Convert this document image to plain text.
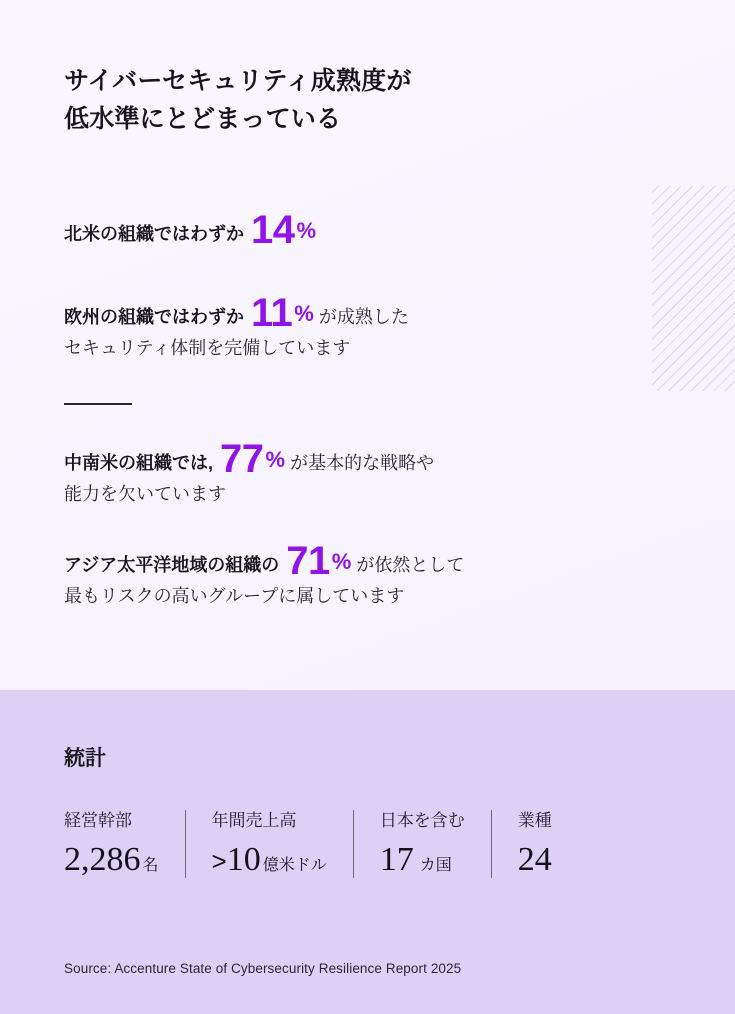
サイバーセキュリティ成熟度が
低水準にとどまっている
北米の組織ではわずか 14%
欧州の組織ではわずか 11% が成熟した
セキュリティ体制を完備しています
中南米の組織では, 77% が基本的な戦略や
能力を欠いています
アジア太平洋地域の組織の 71% が依然として
最もリスクの高いグループに属しています
統計
経営幹部
2,286 名
年間売上高
>10 億米ドル
日本を含む
17 カ国
業種
24
Source: Accenture State of Cybersecurity Resilience Report 2025
